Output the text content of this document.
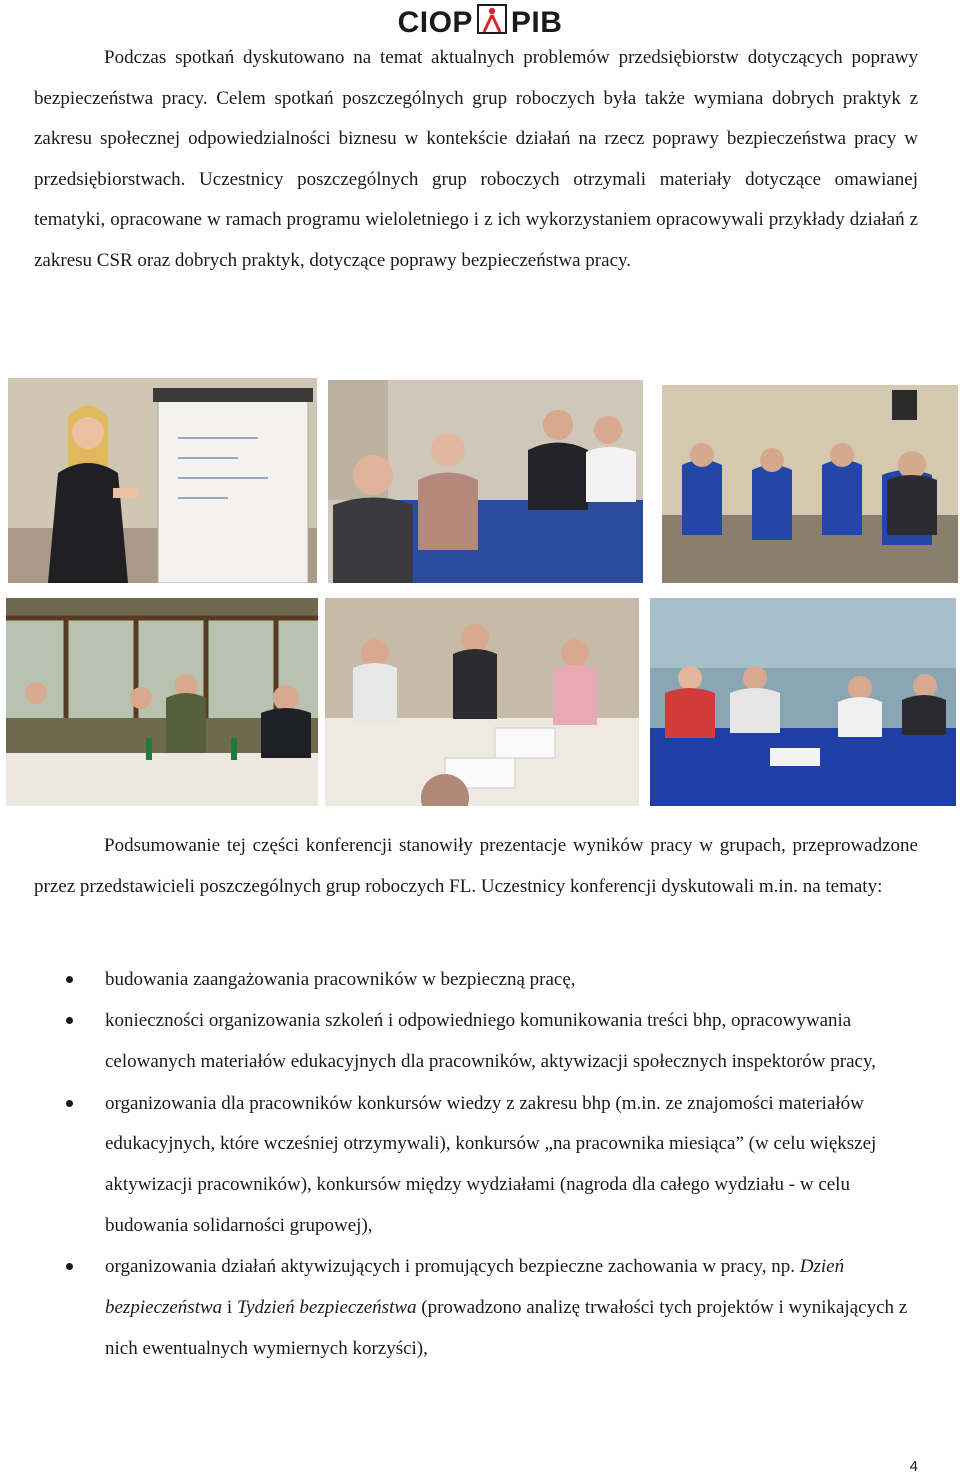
CIOP PIB
Podczas spotkań dyskutowano na temat aktualnych problemów przedsiębiorstw dotyczących poprawy bezpieczeństwa pracy. Celem spotkań poszczególnych grup roboczych była także wymiana dobrych praktyk z zakresu społecznej odpowiedzialności biznesu w kontekście działań na rzecz poprawy bezpieczeństwa pracy w przedsiębiorstwach. Uczestnicy poszczególnych grup roboczych otrzymali materiały dotyczące omawianej tematyki, opracowane w ramach programu wieloletniego i z ich wykorzystaniem opracowywali przykłady działań z zakresu CSR oraz dobrych praktyk, dotyczące poprawy bezpieczeństwa pracy.
Podsumowanie tej części konferencji stanowiły prezentacje wyników pracy w grupach, przeprowadzone przez przedstawicieli poszczególnych grup roboczych FL. Uczestnicy konferencji dyskutowali m.in. na tematy:
budowania zaangażowania pracowników w bezpieczną pracę,
konieczności organizowania szkoleń i odpowiedniego komunikowania treści bhp, opracowywania celowanych materiałów edukacyjnych dla pracowników, aktywizacji społecznych inspektorów pracy,
organizowania dla pracowników konkursów wiedzy z zakresu bhp (m.in. ze znajomości materiałów edukacyjnych, które wcześniej otrzymywali), konkursów „na pracownika miesiąca” (w celu większej aktywizacji pracowników), konkursów między wydziałami (nagroda dla całego wydziału - w celu budowania solidarności grupowej),
organizowania działań aktywizujących i promujących bezpieczne zachowania w pracy, np. Dzień bezpieczeństwa i Tydzień bezpieczeństwa (prowadzono analizę trwałości tych projektów i wynikających z nich ewentualnych wymiernych korzyści),
4
